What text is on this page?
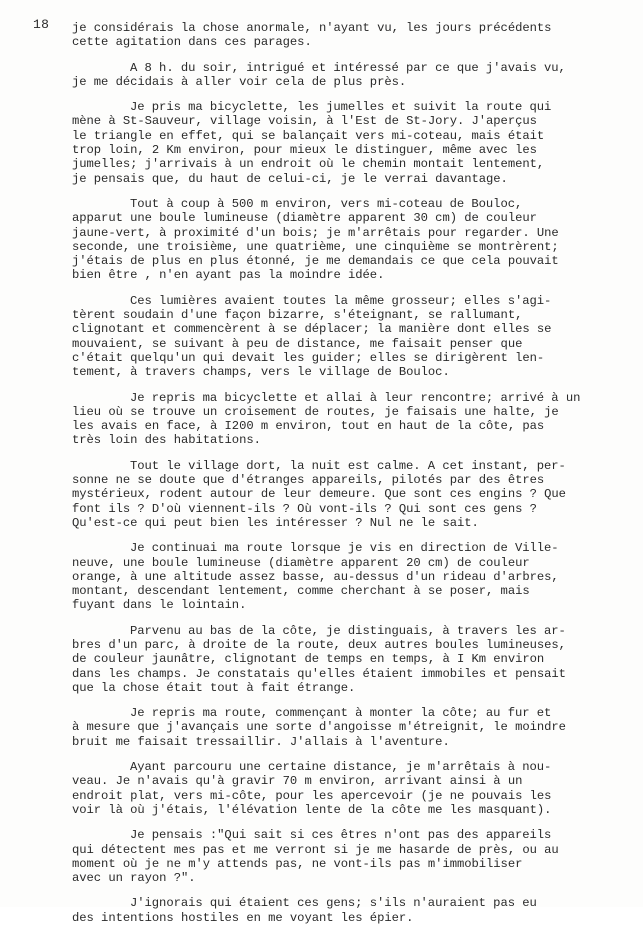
18 je considérais la chose anormale, n'ayant vu, les jours précédents
cette agitation dans ces parages.
A 8 h. du soir, intrigué et intéressé par ce que j'avais vu,
je me décidais à aller voir cela de plus près.
Je pris ma bicyclette, les jumelles et suivit la route qui
mène à St-Sauveur, village voisin, à l'Est de St-Jory. J'aperçus
le triangle en effet, qui se balançait vers mi-coteau, mais était
trop loin, 2 Km environ, pour mieux le distinguer, même avec les
jumelles; j'arrivais à un endroit où le chemin montait lentement,
je pensais que, du haut de celui-ci, je le verrai davantage.
Tout à coup à 500 m environ, vers mi-coteau de Bouloc,
apparut une boule lumineuse (diamètre apparent 30 cm) de couleur
jaune-vert, à proximité d'un bois; je m'arrêtais pour regarder. Une
seconde, une troisième, une quatrième, une cinquième se montrèrent;
j'étais de plus en plus étonné, je me demandais ce que cela pouvait
bien être , n'en ayant pas la moindre idée.
Ces lumières avaient toutes la même grosseur; elles s'agi-
tèrent soudain d'une façon bizarre, s'éteignant, se rallumant,
clignotant et commencèrent à se déplacer; la manière dont elles se
mouvaient, se suivant à peu de distance, me faisait penser que
c'était quelqu'un qui devait les guider; elles se dirigèrent len-
tement, à travers champs, vers le village de Bouloc.
Je repris ma bicyclette et allai à leur rencontre; arrivé à un
lieu où se trouve un croisement de routes, je faisais une halte, je
les avais en face, à I200 m environ, tout en haut de la côte, pas
très loin des habitations.
Tout le village dort, la nuit est calme. A cet instant, per-
sonne ne se doute que d'étranges appareils, pilotés par des êtres
mystérieux, rodent autour de leur demeure. Que sont ces engins ? Que
font ils ? D'où viennent-ils ? Où vont-ils ? Qui sont ces gens ?
Qu'est-ce qui peut bien les intéresser ? Nul ne le sait.
Je continuai ma route lorsque je vis en direction de Ville-
neuve, une boule lumineuse (diamètre apparent 20 cm) de couleur
orange, à une altitude assez basse, au-dessus d'un rideau d'arbres,
montant, descendant lentement, comme cherchant à se poser, mais
fuyant dans le lointain.
Parvenu au bas de la côte, je distinguais, à travers les ar-
bres d'un parc, à droite de la route, deux autres boules lumineuses,
de couleur jaunâtre, clignotant de temps en temps, à I Km environ
dans les champs. Je constatais qu'elles étaient immobiles et pensait
que la chose était tout à fait étrange.
Je repris ma route, commençant à monter la côte; au fur et
à mesure que j'avançais une sorte d'angoisse m'étreignit, le moindre
bruit me faisait tressaillir. J'allais à l'aventure.
Ayant parcouru une certaine distance, je m'arrêtais à nou-
veau. Je n'avais qu'à gravir 70 m environ, arrivant ainsi à un
endroit plat, vers mi-côte, pour les apercevoir (je ne pouvais les
voir là où j'étais, l'élévation lente de la côte me les masquant).
Je pensais :"Qui sait si ces êtres n'ont pas des appareils
qui détectent mes pas et me verront si je me hasarde de près, ou au
moment où je ne m'y attends pas, ne vont-ils pas m'immobiliser
avec un rayon ?".
J'ignorais qui étaient ces gens; s'ils n'auraient pas eu
des intentions hostiles en me voyant les épier.
